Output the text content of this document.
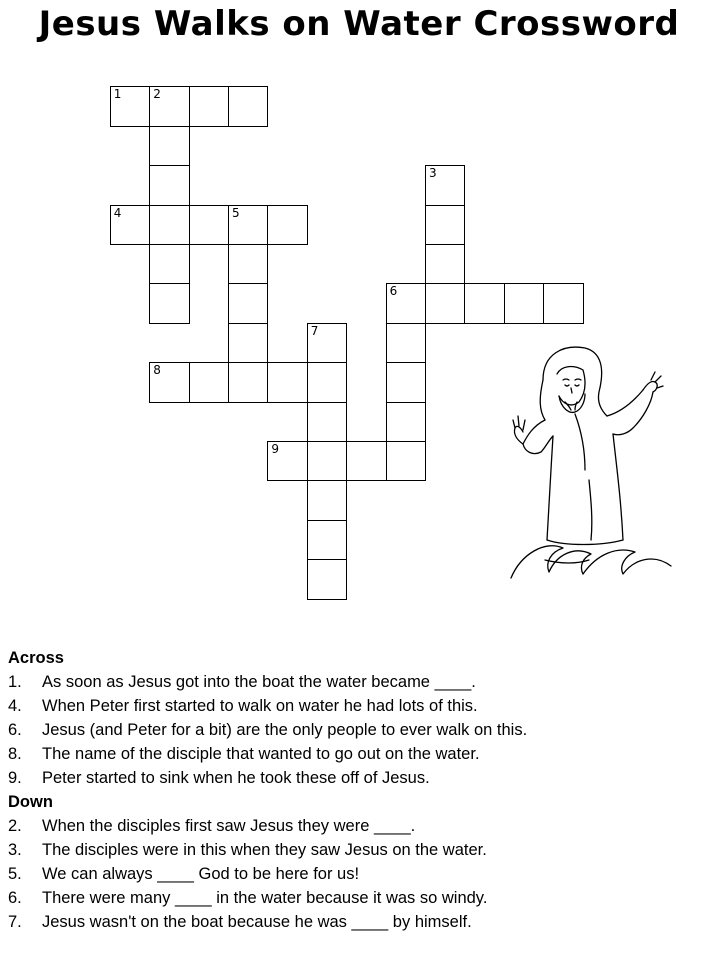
Jesus Walks on Water Crossword
1	2
4	5
3
6
7
8
9
Across
1.	As soon as Jesus got into the boat the water became ____.
4.	When Peter first started to walk on water he had lots of this.
6.	Jesus (and Peter for a bit) are the only people to ever walk on this.
8.	The name of the disciple that wanted to go out on the water.
9.	Peter started to sink when he took these off of Jesus.
Down
2.	When the disciples first saw Jesus they were ____.
3.	The disciples were in this when they saw Jesus on the water.
5.	We can always ____ God to be here for us!
6.	There were many ____ in the water because it was so windy.
7.	Jesus wasn't on the boat because he was ____ by himself.
